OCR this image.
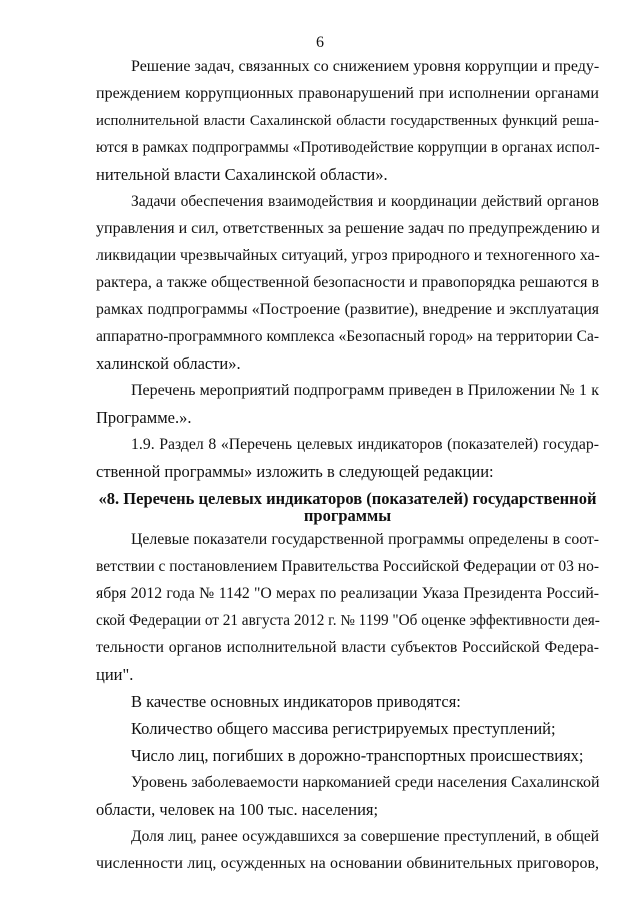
6
Решение задач, связанных со снижением уровня коррупции и преду-
преждением коррупционных правонарушений при исполнении органами
исполнительной власти Сахалинской области государственных функций реша-
ются в рамках подпрограммы «Противодействие коррупции в органах испол-
нительной власти Сахалинской области».
Задачи обеспечения взаимодействия и координации действий органов
управления и сил, ответственных за решение задач по предупреждению и
ликвидации чрезвычайных ситуаций, угроз природного и техногенного ха-
рактера, а также общественной безопасности и правопорядка решаются в
рамках подпрограммы «Построение (развитие), внедрение и эксплуатация
аппаратно-программного комплекса «Безопасный город» на территории Са-
халинской области».
Перечень мероприятий подпрограмм приведен в Приложении № 1 к
Программе.».
1.9. Раздел 8 «Перечень целевых индикаторов (показателей) государ-
ственной программы» изложить в следующей редакции:
«8. Перечень целевых индикаторов (показателей) государственной
программы
Целевые показатели государственной программы определены в соот-
ветствии с постановлением Правительства Российской Федерации от 03 но-
ября 2012 года № 1142 "О мерах по реализации Указа Президента Россий-
ской Федерации от 21 августа 2012 г. № 1199 "Об оценке эффективности дея-
тельности органов исполнительной власти субъектов Российской Федера-
ции".
В качестве основных индикаторов приводятся:
Количество общего массива регистрируемых преступлений;
Число лиц, погибших в дорожно-транспортных происшествиях;
Уровень заболеваемости наркоманией среди населения Сахалинской
области, человек на 100 тыс. населения;
Доля лиц, ранее осуждавшихся за совершение преступлений, в общей
численности лиц, осужденных на основании обвинительных приговоров,
